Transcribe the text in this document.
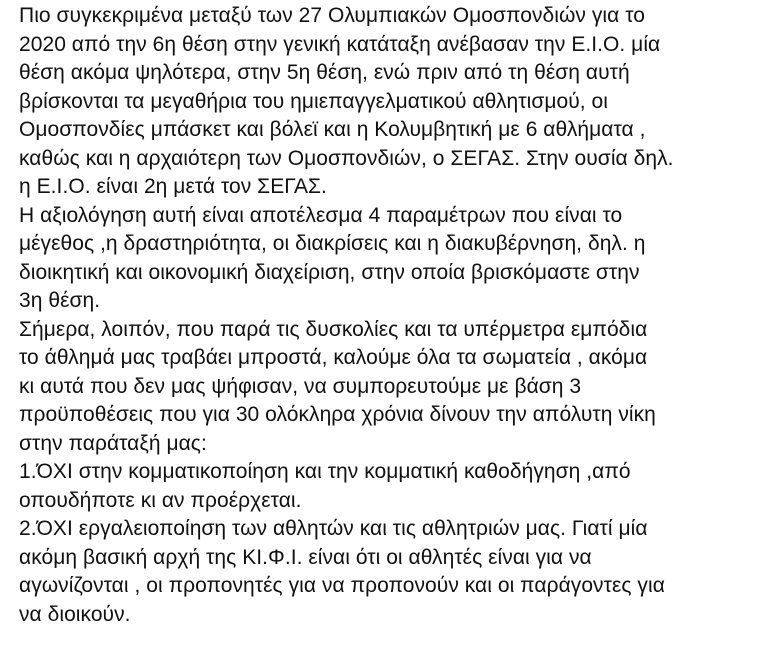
Πιο συγκεκριμένα μεταξύ των 27 Ολυμπιακών Ομοσπονδιών για το
2020 από την 6η θέση στην γενική κατάταξη ανέβασαν την Ε.Ι.Ο. μία
θέση ακόμα ψηλότερα, στην 5η θέση, ενώ πριν από τη θέση αυτή
βρίσκονται τα μεγαθήρια του ημιεπαγγελματικού αθλητισμού, οι
Ομοσπονδίες μπάσκετ και βόλεϊ και η Κολυμβητική με 6 αθλήματα ,
καθώς και η αρχαιότερη των Ομοσπονδιών, ο ΣΕΓΑΣ. Στην ουσία δηλ.
η Ε.Ι.Ο. είναι 2η μετά τον ΣΕΓΑΣ.
Η αξιολόγηση αυτή είναι αποτέλεσμα 4 παραμέτρων που είναι το
μέγεθος ,η δραστηριότητα, οι διακρίσεις και η διακυβέρνηση, δηλ. η
διοικητική και οικονομική διαχείριση, στην οποία βρισκόμαστε στην
3η θέση.
Σήμερα, λοιπόν, που παρά τις δυσκολίες και τα υπέρμετρα εμπόδια
το άθλημά μας τραβάει μπροστά, καλούμε όλα τα σωματεία , ακόμα
κι αυτά που δεν μας ψήφισαν, να συμπορευτούμε με βάση 3
προϋποθέσεις που για 30 ολόκληρα χρόνια δίνουν την απόλυτη νίκη
στην παράταξή μας:
1.ΌΧΙ στην κομματικοποίηση και την κομματική καθοδήγηση ,από
οπουδήποτε κι αν προέρχεται.
2.ΌΧΙ εργαλειοποίηση των αθλητών και τις αθλητριών μας. Γιατί μία
ακόμη βασική αρχή της ΚΙ.Φ.Ι. είναι ότι οι αθλητές είναι για να
αγωνίζονται , οι προπονητές για να προπονούν και οι παράγοντες για
να διοικούν.
